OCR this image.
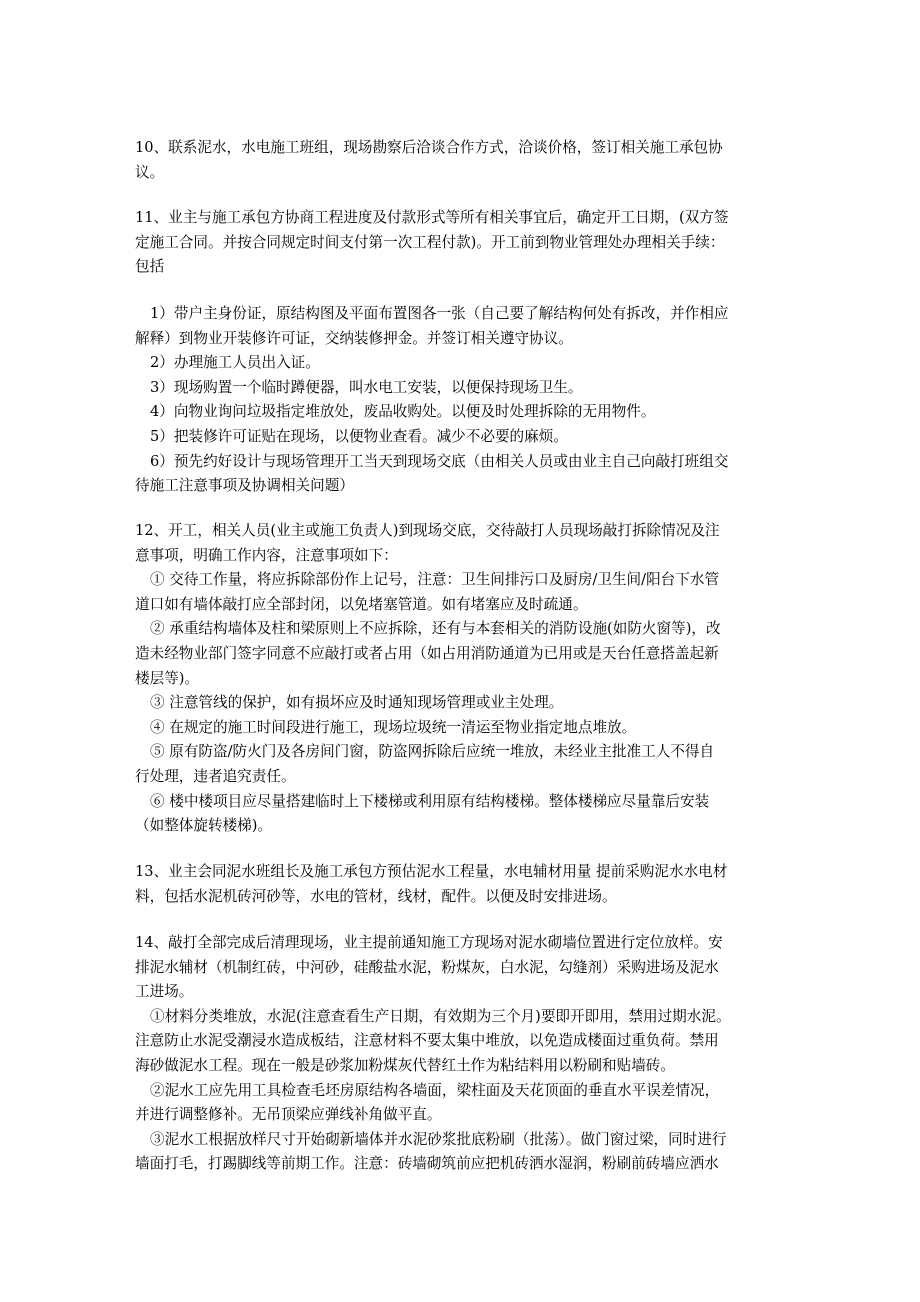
10、联系泥水，水电施工班组，现场勘察后洽谈合作方式，洽谈价格，签订相关施工承包协
议。
11、业主与施工承包方协商工程进度及付款形式等所有相关事宜后，确定开工日期，(双方签
定施工合同。并按合同规定时间支付第一次工程付款)。开工前到物业管理处办理相关手续：
包括
1）带户主身份证，原结构图及平面布置图各一张（自己要了解结构何处有拆改，并作相应
解释）到物业开装修许可证，交纳装修押金。并签订相关遵守协议。
2）办理施工人员出入证。
3）现场购置一个临时蹲便器，叫水电工安装，以便保持现场卫生。
4）向物业询问垃圾指定堆放处，废品收购处。以便及时处理拆除的无用物件。
5）把装修许可证贴在现场，以便物业查看。减少不必要的麻烦。
6）预先约好设计与现场管理开工当天到现场交底（由相关人员或由业主自己向敲打班组交
待施工注意事项及协调相关问题）
12、开工，相关人员(业主或施工负责人)到现场交底，交待敲打人员现场敲打拆除情况及注
意事项，明确工作内容，注意事项如下：
① 交待工作量，将应拆除部份作上记号，注意：卫生间排污口及厨房/卫生间/阳台下水管
道口如有墙体敲打应全部封闭，以免堵塞管道。如有堵塞应及时疏通。
② 承重结构墙体及柱和梁原则上不应拆除，还有与本套相关的消防设施(如防火窗等)，改
造未经物业部门签字同意不应敲打或者占用（如占用消防通道为已用或是天台任意搭盖起新
楼层等)。
③ 注意管线的保护，如有损坏应及时通知现场管理或业主处理。
④ 在规定的施工时间段进行施工，现场垃圾统一清运至物业指定地点堆放。
⑤ 原有防盗/防火门及各房间门窗，防盗网拆除后应统一堆放，未经业主批准工人不得自
行处理，违者追究责任。
⑥ 楼中楼项目应尽量搭建临时上下楼梯或利用原有结构楼梯。整体楼梯应尽量靠后安装
（如整体旋转楼梯)。
13、业主会同泥水班组长及施工承包方预估泥水工程量，水电辅材用量 提前采购泥水水电材
料，包括水泥机砖河砂等，水电的管材，线材，配件。以便及时安排进场。
14、敲打全部完成后清理现场，业主提前通知施工方现场对泥水砌墙位置进行定位放样。安
排泥水辅材（机制红砖，中河砂，硅酸盐水泥，粉煤灰，白水泥，勾缝剂）采购进场及泥水
工进场。
①材料分类堆放，水泥(注意查看生产日期，有效期为三个月)要即开即用，禁用过期水泥。
注意防止水泥受潮浸水造成板结，注意材料不要太集中堆放，以免造成楼面过重负荷。禁用
海砂做泥水工程。现在一般是砂浆加粉煤灰代替红土作为粘结料用以粉刷和贴墙砖。
②泥水工应先用工具检查毛坯房原结构各墙面，梁柱面及天花顶面的垂直水平误差情况，
并进行调整修补。无吊顶梁应弹线补角做平直。
③泥水工根据放样尺寸开始砌新墙体并水泥砂浆批底粉刷（批荡）。做门窗过梁，同时进行
墙面打毛，打踢脚线等前期工作。注意：砖墙砌筑前应把机砖洒水湿润，粉刷前砖墙应洒水
